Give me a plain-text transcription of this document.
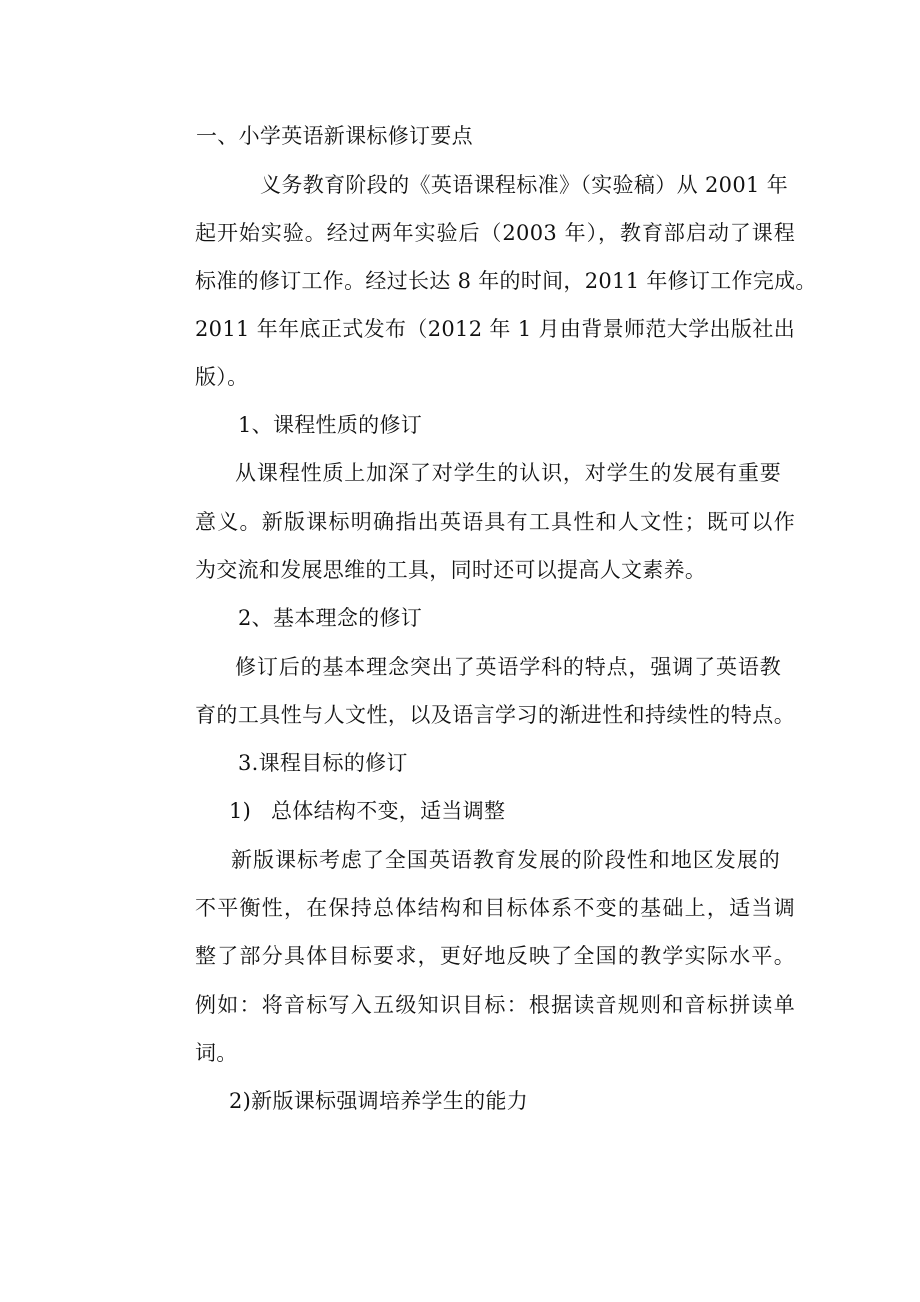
一、小学英语新课标修订要点
义务教育阶段的《英语课程标准》（实验稿）从 2001 年
起开始实验。经过两年实验后（2003 年），教育部启动了课程
标准的修订工作。经过长达 8 年的时间，2011 年修订工作完成。
2011 年年底正式发布（2012 年 1 月由背景师范大学出版社出
版）。
1、课程性质的修订
从课程性质上加深了对学生的认识，对学生的发展有重要
意义。新版课标明确指出英语具有工具性和人文性；既可以作
为交流和发展思维的工具，同时还可以提高人文素养。
2、基本理念的修订
修订后的基本理念突出了英语学科的特点，强调了英语教
育的工具性与人文性，以及语言学习的渐进性和持续性的特点。
3.课程目标的修订
1) 总体结构不变，适当调整
新版课标考虑了全国英语教育发展的阶段性和地区发展的
不平衡性，在保持总体结构和目标体系不变的基础上，适当调
整了部分具体目标要求，更好地反映了全国的教学实际水平。
例如：将音标写入五级知识目标：根据读音规则和音标拼读单
词。
2)新版课标强调培养学生的能力
